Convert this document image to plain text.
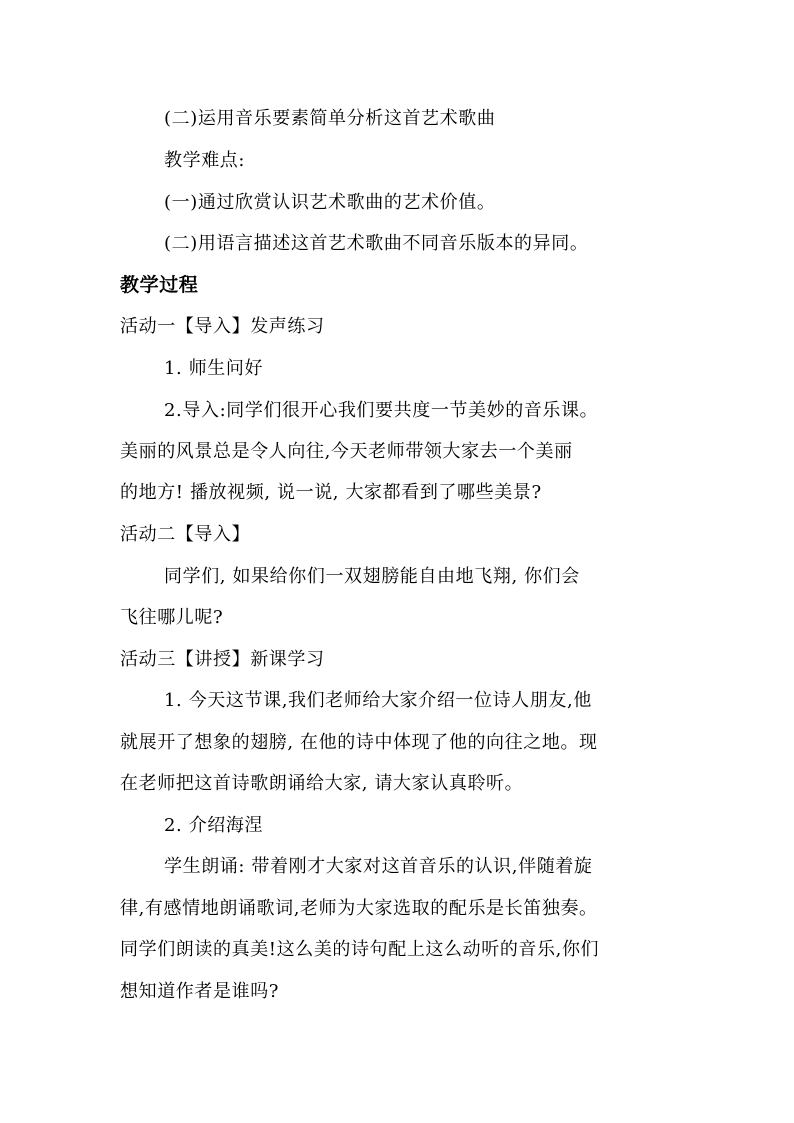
(二)运用音乐要素简单分析这首艺术歌曲
教学难点:
(一)通过欣赏认识艺术歌曲的艺术价值。
(二)用语言描述这首艺术歌曲不同音乐版本的异同。
教学过程
活动一【导入】发声练习
1. 师生问好
2.导入:同学们很开心我们要共度一节美妙的音乐课。
美丽的风景总是令人向往,今天老师带领大家去一个美丽
的地方! 播放视频, 说一说, 大家都看到了哪些美景?
活动二【导入】
同学们, 如果给你们一双翅膀能自由地飞翔, 你们会
飞往哪儿呢?
活动三【讲授】新课学习
1. 今天这节课,我们老师给大家介绍一位诗人朋友,他
就展开了想象的翅膀, 在他的诗中体现了他的向往之地。现
在老师把这首诗歌朗诵给大家, 请大家认真聆听。
2. 介绍海涅
学生朗诵: 带着刚才大家对这首音乐的认识,伴随着旋
律,有感情地朗诵歌词,老师为大家选取的配乐是长笛独奏。
同学们朗读的真美!这么美的诗句配上这么动听的音乐,你们
想知道作者是谁吗?
